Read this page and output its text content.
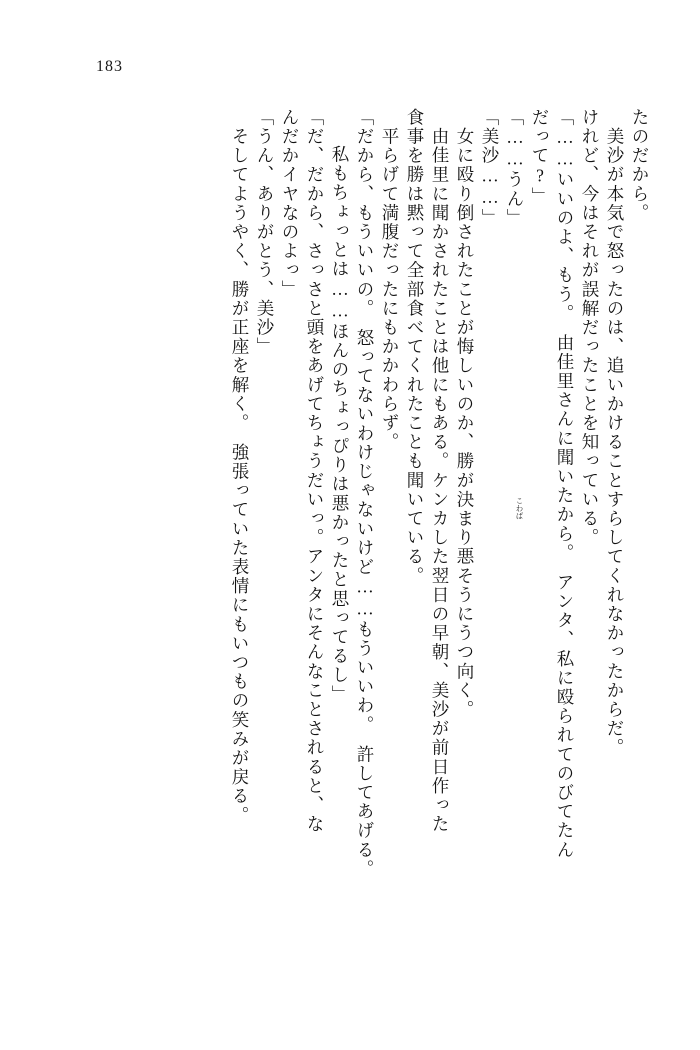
183
たのだから。
　美沙が本気で怒ったのは、追いかけることすらしてくれなかったからだ。
けれど、今はそれが誤解だったことを知っている。
「……いいのよ、もう。　由佳里さんに聞いたから。　アンタ、私に殴られてのびてたん
だって?」
「……うん」
「美沙……」
　女に殴り倒されたことが悔しいのか、勝が決まり悪そうにうつ向く。
　由佳里に聞かされたことは他にもある。ケンカした翌日の早朝、美沙が前日作った
食事を勝は黙って全部食べてくれたことも聞いている。
　平らげて満腹だったにもかかわらず。
「だから、もういいの。　怒ってないわけじゃないけど……もういいわ。　許してあげる。
　私もちょっとは……ほんのちょっぴりは悪かったと思ってるし」
「だ、だから、さっさと頭をあげてちょうだいっ。アンタにそんなことされると、な
んだかイヤなのよっ」
「うん、ありがとう、美沙」
　そしてようやく、勝が正座を解く。　強張っていた表情にもいつもの笑みが戻る。	こわば
